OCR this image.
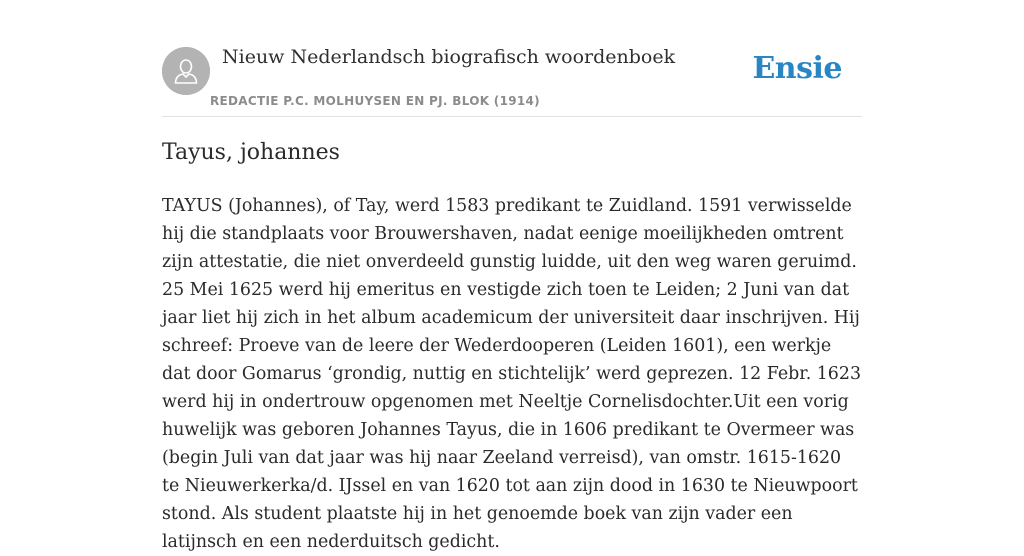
Nieuw Nederlandsch biografisch woordenboek
REDACTIE P.C. MOLHUYSEN EN PJ. BLOK (1914)
Ensie
Tayus, johannes

TAYUS (Johannes), of Tay, werd 1583 predikant te Zuidland. 1591 verwisselde hij die standplaats voor Brouwershaven, nadat eenige moeilijkheden omtrent zijn attestatie, die niet onverdeeld gunstig luidde, uit den weg waren geruimd. 25 Mei 1625 werd hij emeritus en vestigde zich toen te Leiden; 2 Juni van dat jaar liet hij zich in het album academicum der universiteit daar inschrijven. Hij schreef: Proeve van de leere der Wederdooperen (Leiden 1601), een werkje dat door Gomarus ‘grondig, nuttig en stichtelijk’ werd geprezen. 12 Febr. 1623 werd hij in ondertrouw opgenomen met Neeltje Cornelisdochter.Uit een vorig huwelijk was geboren Johannes Tayus, die in 1606 predikant te Overmeer was (begin Juli van dat jaar was hij naar Zeeland verreisd), van omstr. 1615-1620 te Nieuwerkerka/d. IJssel en van 1620 tot aan zijn dood in 1630 te Nieuwpoort stond. Als student plaatste hij in het genoemde boek van zijn vader een latijnsch en een nederduitsch gedicht.
